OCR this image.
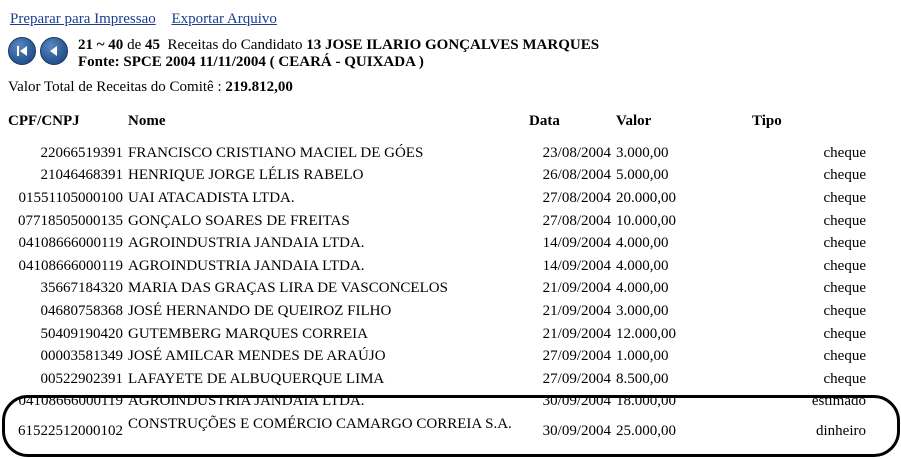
Preparar para Impressao Exportar Arquivo
21 ~ 40 de 45 Receitas do Candidato 13 JOSE ILARIO GONÇALVES MARQUES
Fonte: SPCE 2004 11/11/2004 ( CEARÁ - QUIXADA )
Valor Total de Receitas do Comitê : 219.812,00
CPF/CNPJ	Nome	Data	Valor	Tipo

22066519391	FRANCISCO CRISTIANO MACIEL DE GÓES	23/08/2004	3.000,00	cheque
21046468391	HENRIQUE JORGE LÉLIS RABELO	26/08/2004	5.000,00	cheque
01551105000100	UAI ATACADISTA LTDA.	27/08/2004	20.000,00	cheque
07718505000135	GONÇALO SOARES DE FREITAS	27/08/2004	10.000,00	cheque
04108666000119	AGROINDUSTRIA JANDAIA LTDA.	14/09/2004	4.000,00	cheque
04108666000119	AGROINDUSTRIA JANDAIA LTDA.	14/09/2004	4.000,00	cheque
35667184320	MARIA DAS GRAÇAS LIRA DE VASCONCELOS	21/09/2004	4.000,00	cheque
04680758368	JOSÉ HERNANDO DE QUEIROZ FILHO	21/09/2004	3.000,00	cheque
50409190420	GUTEMBERG MARQUES CORREIA	21/09/2004	12.000,00	cheque
00003581349	JOSÉ AMILCAR MENDES DE ARAÚJO	27/09/2004	1.000,00	cheque
00522902391	LAFAYETE DE ALBUQUERQUE LIMA	27/09/2004	8.500,00	cheque
04108666000119	AGROINDUSTRIA JANDAIA LTDA.	30/09/2004	18.000,00	estimado
61522512000102	CONSTRUÇÕES E COMÉRCIO CAMARGO CORREIA S.A.	30/09/2004	25.000,00	dinheiro
